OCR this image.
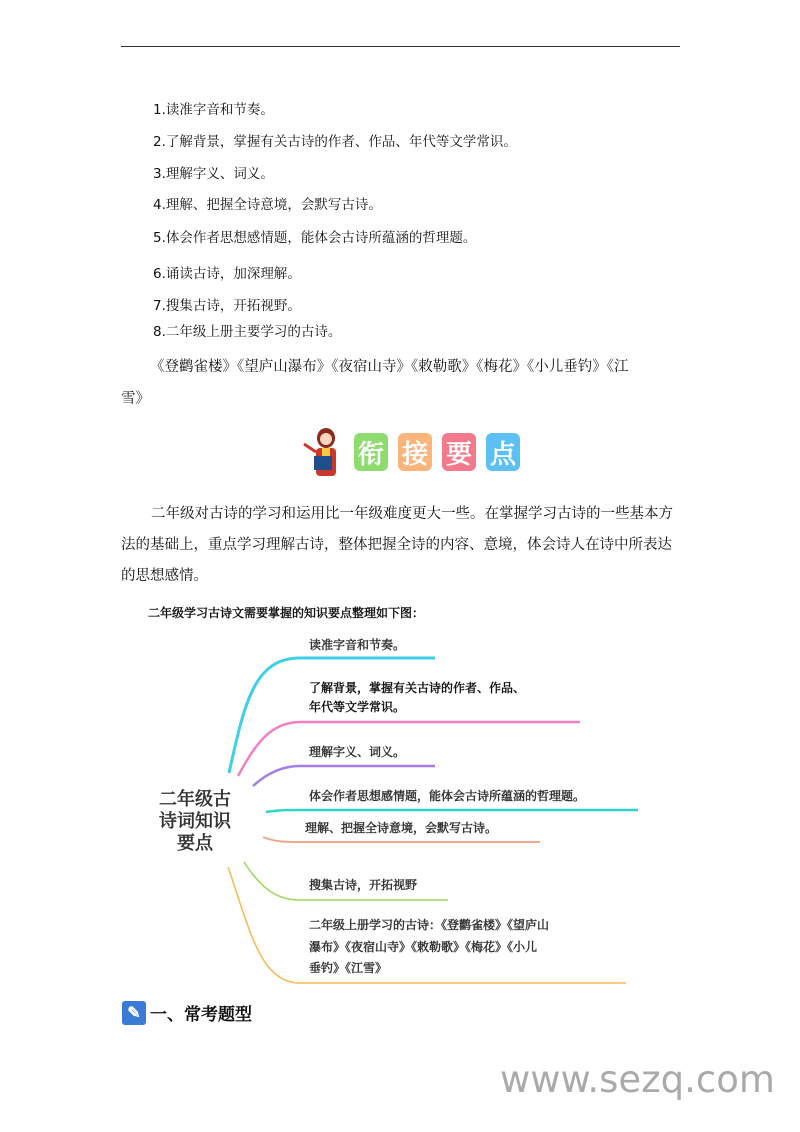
1.读准字音和节奏。
2.了解背景，掌握有关古诗的作者、作品、年代等文学常识。
3.理解字义、词义。
4.理解、把握全诗意境，会默写古诗。
5.体会作者思想感情题，能体会古诗所蕴涵的哲理题。
6.诵读古诗，加深理解。
7.搜集古诗，开拓视野。
8.二年级上册主要学习的古诗。
《登鹳雀楼》《望庐山瀑布》《夜宿山寺》《敕勒歌》《梅花》《小儿垂钓》《江
雪》
衔 接 要 点
二年级对古诗的学习和运用比一年级难度更大一些。在掌握学习古诗的一些基本方法的基础上，重点学习理解古诗，整体把握全诗的内容、意境，体会诗人在诗中所表达的思想感情。
二年级学习古诗文需要掌握的知识要点整理如下图：
二年级古诗词知识要点
读准字音和节奏。
了解背景，掌握有关古诗的作者、作品、
年代等文学常识。
理解字义、词义。
体会作者思想感情题，能体会古诗所蕴涵的哲理题。
理解、把握全诗意境，会默写古诗。
搜集古诗，开拓视野
二年级上册学习的古诗：《登鹳雀楼》《望庐山
瀑布》《夜宿山寺》《敕勒歌》《梅花》《小儿
垂钓》《江雪》
✎ 一、常考题型
www.sezq.com
